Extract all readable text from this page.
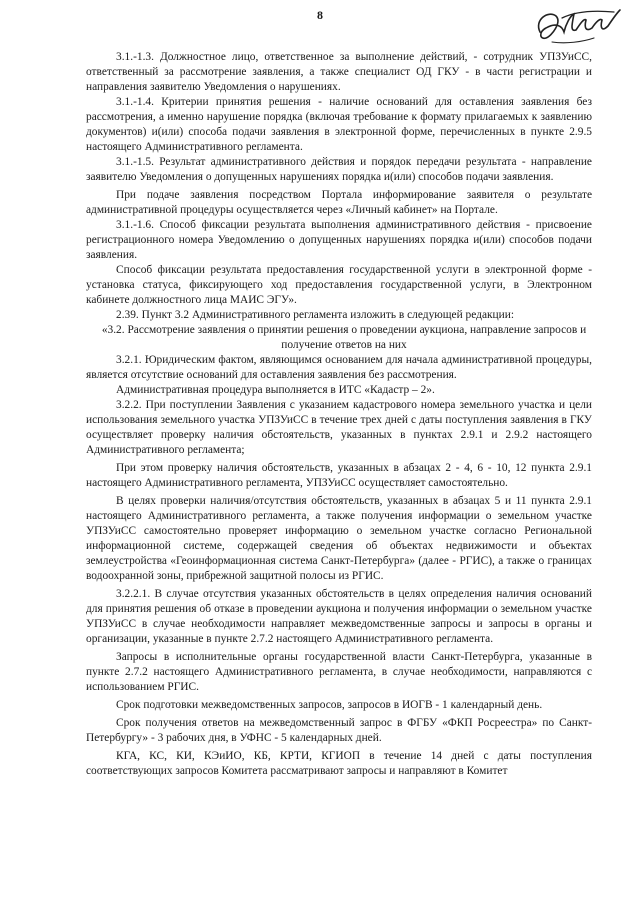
8

3.1.-1.3. Должностное лицо, ответственное за выполнение действий, - сотрудник УПЗУиСС, ответственный за рассмотрение заявления, а также специалист ОД ГКУ - в части регистрации и направления заявителю Уведомления о нарушениях.

3.1.-1.4. Критерии принятия решения - наличие оснований для оставления заявления без рассмотрения, а именно нарушение порядка (включая требование к формату прилагаемых к заявлению документов) и(или) способа подачи заявления в электронной форме, перечисленных в пункте 2.9.5 настоящего Административного регламента.

3.1.-1.5. Результат административного действия и порядок передачи результата - направление заявителю Уведомления о допущенных нарушениях порядка и(или) способов подачи заявления.

При подаче заявления посредством Портала информирование заявителя о результате административной процедуры осуществляется через «Личный кабинет» на Портале.

3.1.-1.6. Способ фиксации результата выполнения административного действия - присвоение регистрационного номера Уведомлению о допущенных нарушениях порядка и(или) способов подачи заявления.

Способ фиксации результата предоставления государственной услуги в электронной форме - установка статуса, фиксирующего ход предоставления государственной услуги, в Электронном кабинете должностного лица МАИС ЭГУ».

2.39. Пункт 3.2 Административного регламента изложить в следующей редакции:

«3.2. Рассмотрение заявления о принятии решения о проведении аукциона, направление запросов и получение ответов на них

3.2.1. Юридическим фактом, являющимся основанием для начала административной процедуры, является отсутствие оснований для оставления заявления без рассмотрения.

Административная процедура выполняется в ИТС «Кадастр – 2».

3.2.2. При поступлении Заявления с указанием кадастрового номера земельного участка и цели использования земельного участка УПЗУиСС в течение трех дней с даты поступления заявления в ГКУ осуществляет проверку наличия обстоятельств, указанных в пунктах 2.9.1 и 2.9.2 настоящего Административного регламента;

При этом проверку наличия обстоятельств, указанных в абзацах 2 - 4, 6 - 10, 12 пункта 2.9.1 настоящего Административного регламента, УПЗУиСС осуществляет самостоятельно.

В целях проверки наличия/отсутствия обстоятельств, указанных в абзацах 5 и 11 пункта 2.9.1 настоящего Административного регламента, а также получения информации о земельном участке УПЗУиСС самостоятельно проверяет информацию о земельном участке согласно Региональной информационной системе, содержащей сведения об объектах недвижимости и объектах землеустройства «Геоинформационная система Санкт-Петербурга» (далее - РГИС), а также о границах водоохранной зоны, прибрежной защитной полосы из РГИС.

3.2.2.1. В случае отсутствия указанных обстоятельств в целях определения наличия оснований для принятия решения об отказе в проведении аукциона и получения информации о земельном участке УПЗУиСС в случае необходимости направляет межведомственные запросы и запросы в органы и организации, указанные в пункте 2.7.2 настоящего Административного регламента.

Запросы в исполнительные органы государственной власти Санкт-Петербурга, указанные в пункте 2.7.2 настоящего Административного регламента, в случае необходимости, направляются с использованием РГИС.

Срок подготовки межведомственных запросов, запросов в ИОГВ - 1 календарный день.

Срок получения ответов на межведомственный запрос в ФГБУ «ФКП Росреестра» по Санкт-Петербургу» - 3 рабочих дня, в УФНС - 5 календарных дней.

КГА, КС, КИ, КЭиИО, КБ, КРТИ, КГИОП в течение 14 дней с даты поступления соответствующих запросов Комитета рассматривают запросы и направляют в Комитет
